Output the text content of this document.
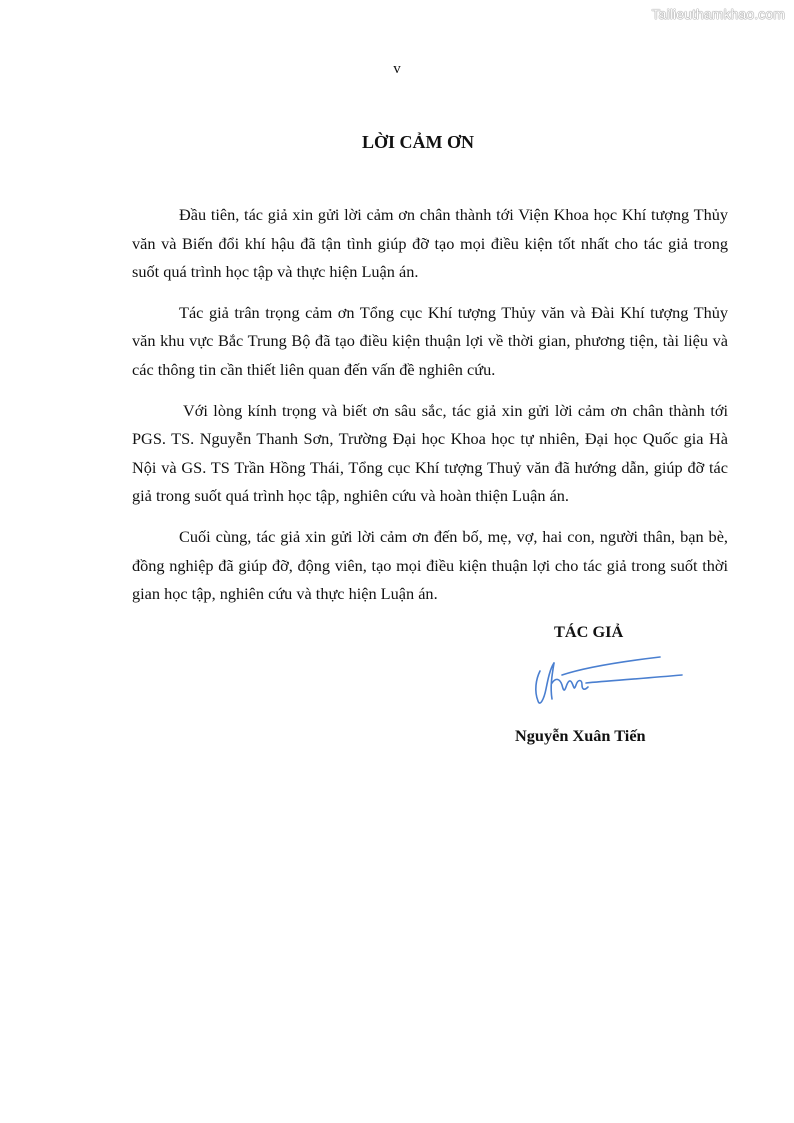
Tailieuthamkhao.com
v
LỜI CẢM ƠN

Đầu tiên, tác giả xin gửi lời cảm ơn chân thành tới Viện Khoa học Khí tượng Thủy văn và Biến đổi khí hậu đã tận tình giúp đỡ tạo mọi điều kiện tốt nhất cho tác giả trong suốt quá trình học tập và thực hiện Luận án.

Tác giả trân trọng cảm ơn Tổng cục Khí tượng Thủy văn và Đài Khí tượng Thủy văn khu vực Bắc Trung Bộ đã tạo điều kiện thuận lợi về thời gian, phương tiện, tài liệu và các thông tin cần thiết liên quan đến vấn đề nghiên cứu.

Với lòng kính trọng và biết ơn sâu sắc, tác giả xin gửi lời cảm ơn chân thành tới PGS. TS. Nguyễn Thanh Sơn, Trường Đại học Khoa học tự nhiên, Đại học Quốc gia Hà Nội và GS. TS Trần Hồng Thái, Tổng cục Khí tượng Thuỷ văn đã hướng dẫn, giúp đỡ tác giả trong suốt quá trình học tập, nghiên cứu và hoàn thiện Luận án.

Cuối cùng, tác giả xin gửi lời cảm ơn đến bố, mẹ, vợ, hai con, người thân, bạn bè, đồng nghiệp đã giúp đỡ, động viên, tạo mọi điều kiện thuận lợi cho tác giả trong suốt thời gian học tập, nghiên cứu và thực hiện Luận án.

TÁC GIẢ
Nguyễn Xuân Tiến
